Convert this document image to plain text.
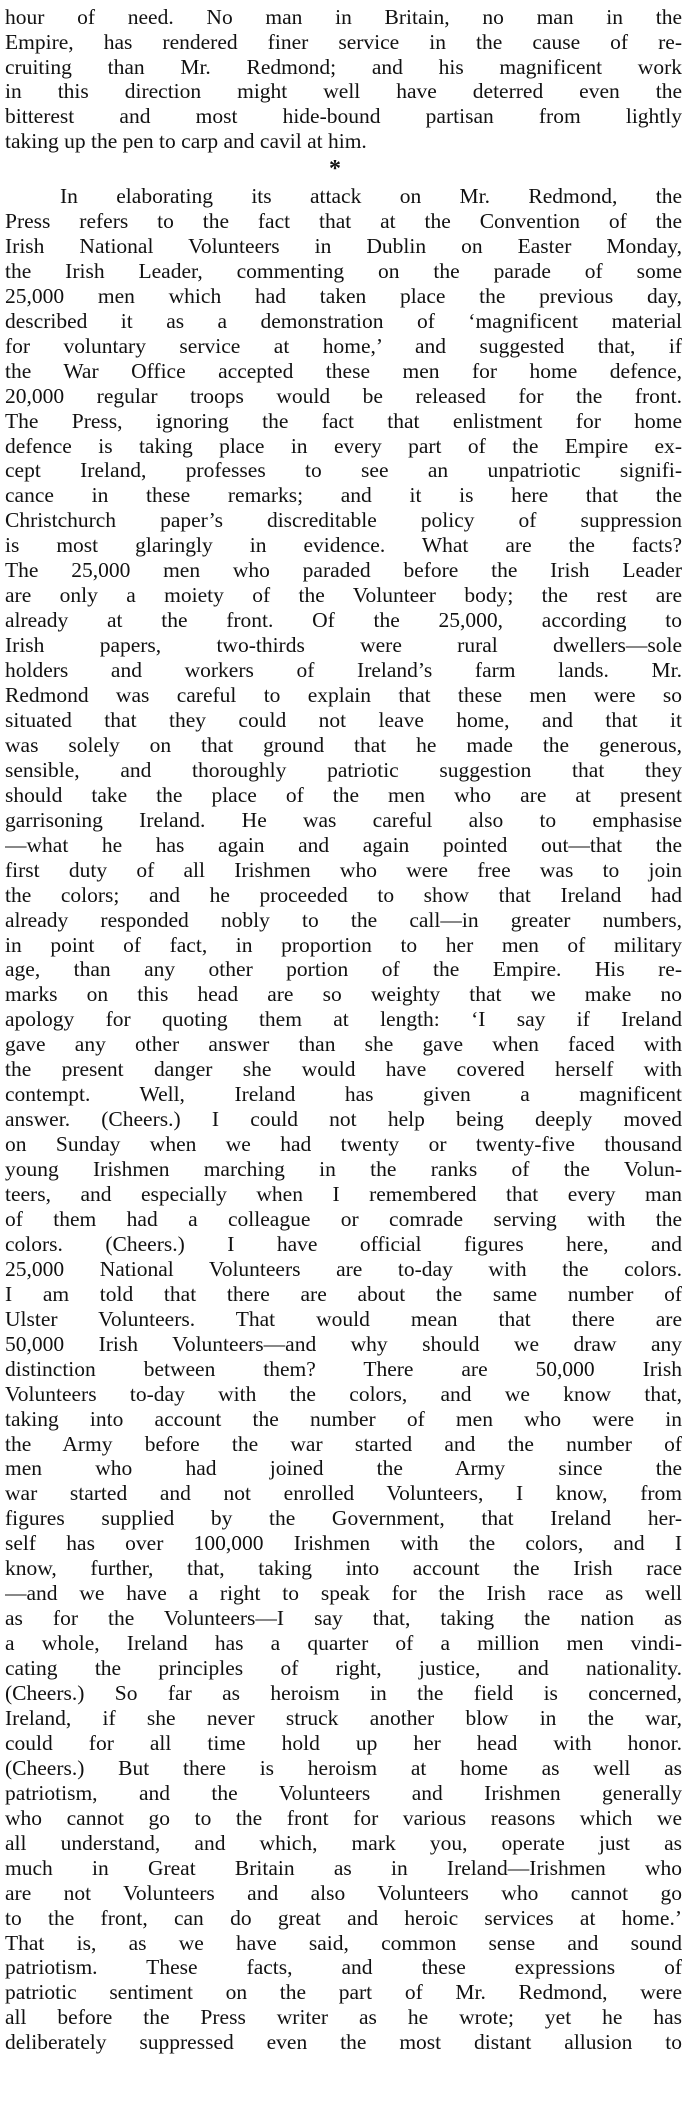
hour of need. No man in Britain, no man in the
Empire, has rendered finer service in the cause of re-
cruiting than Mr. Redmond; and his magnificent work
in this direction might well have deterred even the
bitterest and most hide-bound partisan from lightly
taking up the pen to carp and cavil at him.
*
In elaborating its attack on Mr. Redmond, the
Press refers to the fact that at the Convention of the
Irish National Volunteers in Dublin on Easter Monday,
the Irish Leader, commenting on the parade of some
25,000 men which had taken place the previous day,
described it as a demonstration of ‘magnificent material
for voluntary service at home,’ and suggested that, if
the War Office accepted these men for home defence,
20,000 regular troops would be released for the front.
The Press, ignoring the fact that enlistment for home
defence is taking place in every part of the Empire ex-
cept Ireland, professes to see an unpatriotic signifi-
cance in these remarks; and it is here that the
Christchurch paper’s discreditable policy of suppression
is most glaringly in evidence. What are the facts?
The 25,000 men who paraded before the Irish Leader
are only a moiety of the Volunteer body; the rest are
already at the front. Of the 25,000, according to
Irish papers, two-thirds were rural dwellers—sole
holders and workers of Ireland’s farm lands. Mr.
Redmond was careful to explain that these men were so
situated that they could not leave home, and that it
was solely on that ground that he made the generous,
sensible, and thoroughly patriotic suggestion that they
should take the place of the men who are at present
garrisoning Ireland. He was careful also to emphasise
—what he has again and again pointed out—that the
first duty of all Irishmen who were free was to join
the colors; and he proceeded to show that Ireland had
already responded nobly to the call—in greater numbers,
in point of fact, in proportion to her men of military
age, than any other portion of the Empire. His re-
marks on this head are so weighty that we make no
apology for quoting them at length: ‘I say if Ireland
gave any other answer than she gave when faced with
the present danger she would have covered herself with
contempt. Well, Ireland has given a magnificent
answer. (Cheers.) I could not help being deeply moved
on Sunday when we had twenty or twenty-five thousand
young Irishmen marching in the ranks of the Volun-
teers, and especially when I remembered that every man
of them had a colleague or comrade serving with the
colors. (Cheers.) I have official figures here, and
25,000 National Volunteers are to-day with the colors.
I am told that there are about the same number of
Ulster Volunteers. That would mean that there are
50,000 Irish Volunteers—and why should we draw any
distinction between them? There are 50,000 Irish
Volunteers to-day with the colors, and we know that,
taking into account the number of men who were in
the Army before the war started and the number of
men who had joined the Army since the
war started and not enrolled Volunteers, I know, from
figures supplied by the Government, that Ireland her-
self has over 100,000 Irishmen with the colors, and I
know, further, that, taking into account the Irish race
—and we have a right to speak for the Irish race as well
as for the Volunteers—I say that, taking the nation as
a whole, Ireland has a quarter of a million men vindi-
cating the principles of right, justice, and nationality.
(Cheers.) So far as heroism in the field is concerned,
Ireland, if she never struck another blow in the war,
could for all time hold up her head with honor.
(Cheers.) But there is heroism at home as well as
patriotism, and the Volunteers and Irishmen generally
who cannot go to the front for various reasons which we
all understand, and which, mark you, operate just as
much in Great Britain as in Ireland—Irishmen who
are not Volunteers and also Volunteers who cannot go
to the front, can do great and heroic services at home.’
That is, as we have said, common sense and sound
patriotism. These facts, and these expressions of
patriotic sentiment on the part of Mr. Redmond, were
all before the Press writer as he wrote; yet he has
deliberately suppressed even the most distant allusion to
